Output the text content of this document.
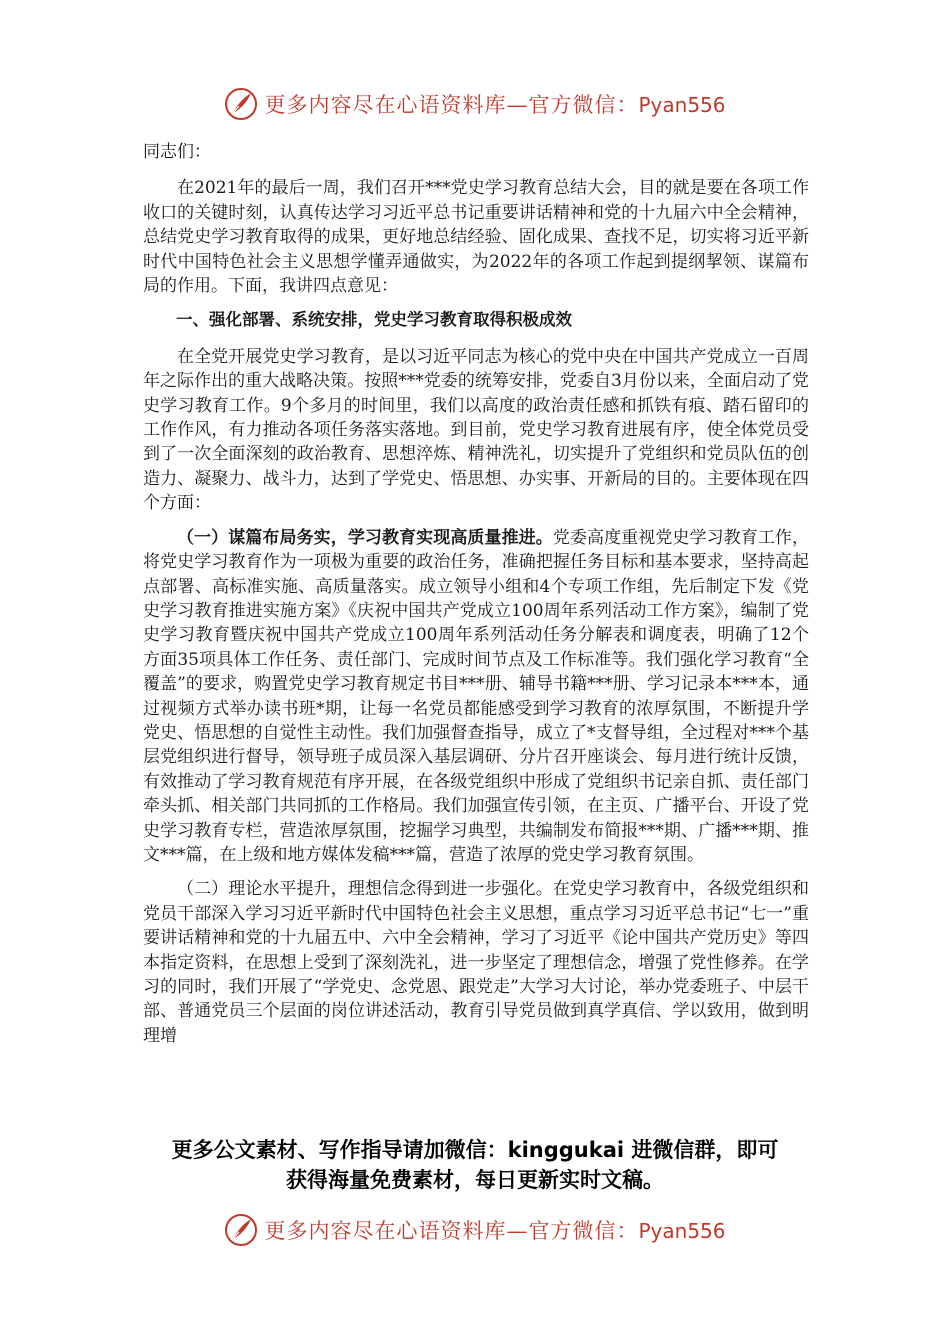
更多内容尽在心语资料库—官方微信：Pyan556

同志们：

在2021年的最后一周，我们召开***党史学习教育总结大会，目的就是要在各项工作收口的关键时刻，认真传达学习习近平总书记重要讲话精神和党的十九届六中全会精神，总结党史学习教育取得的成果，更好地总结经验、固化成果、查找不足，切实将习近平新时代中国特色社会主义思想学懂弄通做实，为2022年的各项工作起到提纲挈领、谋篇布局的作用。下面，我讲四点意见：

一、强化部署、系统安排，党史学习教育取得积极成效

在全党开展党史学习教育，是以习近平同志为核心的党中央在中国共产党成立一百周年之际作出的重大战略决策。按照***党委的统筹安排，党委自3月份以来，全面启动了党史学习教育工作。9个多月的时间里，我们以高度的政治责任感和抓铁有痕、踏石留印的工作作风，有力推动各项任务落实落地。到目前，党史学习教育进展有序，使全体党员受到了一次全面深刻的政治教育、思想淬炼、精神洗礼，切实提升了党组织和党员队伍的创造力、凝聚力、战斗力，达到了学党史、悟思想、办实事、开新局的目的。主要体现在四个方面：

（一）谋篇布局务实，学习教育实现高质量推进。党委高度重视党史学习教育工作，将党史学习教育作为一项极为重要的政治任务，准确把握任务目标和基本要求，坚持高起点部署、高标准实施、高质量落实。成立领导小组和4个专项工作组，先后制定下发《党史学习教育推进实施方案》《庆祝中国共产党成立100周年系列活动工作方案》，编制了党史学习教育暨庆祝中国共产党成立100周年系列活动任务分解表和调度表，明确了12个方面35项具体工作任务、责任部门、完成时间节点及工作标准等。我们强化学习教育“全覆盖”的要求，购置党史学习教育规定书目***册、辅导书籍***册、学习记录本***本，通过视频方式举办读书班*期，让每一名党员都能感受到学习教育的浓厚氛围，不断提升学党史、悟思想的自觉性主动性。我们加强督查指导，成立了*支督导组，全过程对***个基层党组织进行督导，领导班子成员深入基层调研、分片召开座谈会、每月进行统计反馈，有效推动了学习教育规范有序开展，在各级党组织中形成了党组织书记亲自抓、责任部门牵头抓、相关部门共同抓的工作格局。我们加强宣传引领，在主页、广播平台、开设了党史学习教育专栏，营造浓厚氛围，挖掘学习典型，共编制发布简报***期、广播***期、推文***篇，在上级和地方媒体发稿***篇，营造了浓厚的党史学习教育氛围。

（二）理论水平提升，理想信念得到进一步强化。在党史学习教育中，各级党组织和党员干部深入学习习近平新时代中国特色社会主义思想，重点学习习近平总书记“七一”重要讲话精神和党的十九届五中、六中全会精神，学习了习近平《论中国共产党历史》等四本指定资料，在思想上受到了深刻洗礼，进一步坚定了理想信念，增强了党性修养。在学习的同时，我们开展了“学党史、念党恩、跟党走”大学习大讨论，举办党委班子、中层干部、普通党员三个层面的岗位讲述活动，教育引导党员做到真学真信、学以致用，做到明理增

更多公文素材、写作指导请加微信：kinggukai 进微信群，即可
获得海量免费素材，每日更新实时文稿。
更多内容尽在心语资料库—官方微信：Pyan556
